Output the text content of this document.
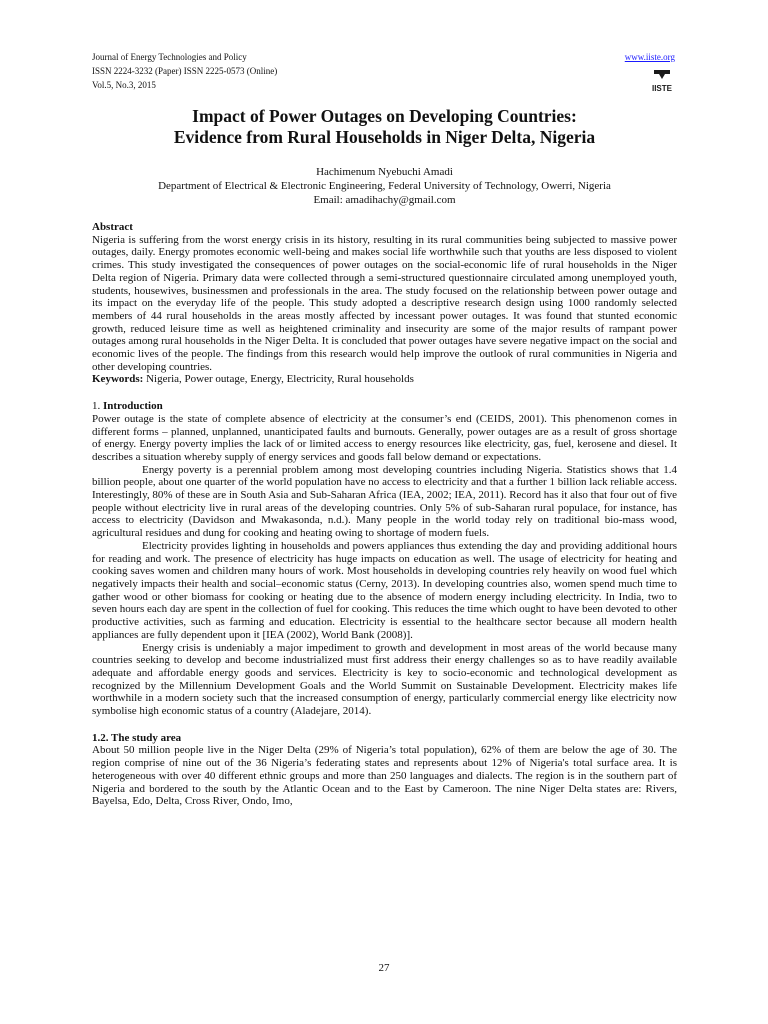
Journal of Energy Technologies and Policy
ISSN 2224-3232 (Paper) ISSN 2225-0573 (Online)
Vol.5, No.3, 2015
www.iiste.org
IISTE
Impact of Power Outages on Developing Countries:
Evidence from Rural Households in Niger Delta, Nigeria
Hachimenum Nyebuchi Amadi
Department of Electrical & Electronic Engineering, Federal University of Technology, Owerri, Nigeria
Email: amadihachy@gmail.com
Abstract

Nigeria is suffering from the worst energy crisis in its history, resulting in its rural communities being subjected to massive power outages, daily. Energy promotes economic well-being and makes social life worthwhile such that youths are less disposed to violent crimes. This study investigated the consequences of power outages on the social-economic life of rural households in the Niger Delta region of Nigeria. Primary data were collected through a semi-structured questionnaire circulated among unemployed youth, students, housewives, businessmen and professionals in the area. The study focused on the relationship between power outage and its impact on the everyday life of the people. This study adopted a descriptive research design using 1000 randomly selected members of 44 rural households in the areas mostly affected by incessant power outages. It was found that stunted economic growth, reduced leisure time as well as heightened criminality and insecurity are some of the major results of rampant power outages among rural households in the Niger Delta. It is concluded that power outages have severe negative impact on the social and economic lives of the people. The findings from this research would help improve the outlook of rural communities in Nigeria and other developing countries.

Keywords: Nigeria, Power outage, Energy, Electricity, Rural households

1. Introduction

Power outage is the state of complete absence of electricity at the consumer’s end (CEIDS, 2001). This phenomenon comes in different forms – planned, unplanned, unanticipated faults and burnouts. Generally, power outages are as a result of gross shortage of energy. Energy poverty implies the lack of or limited access to energy resources like electricity, gas, fuel, kerosene and diesel. It describes a situation whereby supply of energy services and goods fall below demand or expectations.

Energy poverty is a perennial problem among most developing countries including Nigeria. Statistics shows that 1.4 billion people, about one quarter of the world population have no access to electricity and that a further 1 billion lack reliable access. Interestingly, 80% of these are in South Asia and Sub-Saharan Africa (IEA, 2002; IEA, 2011). Record has it also that four out of five people without electricity live in rural areas of the developing countries. Only 5% of sub-Saharan rural populace, for instance, has access to electricity (Davidson and Mwakasonda, n.d.). Many people in the world today rely on traditional bio-mass wood, agricultural residues and dung for cooking and heating owing to shortage of modern fuels.

Electricity provides lighting in households and powers appliances thus extending the day and providing additional hours for reading and work. The presence of electricity has huge impacts on education as well. The usage of electricity for heating and cooking saves women and children many hours of work. Most households in developing countries rely heavily on wood fuel which negatively impacts their health and social–economic status (Cerny, 2013). In developing countries also, women spend much time to gather wood or other biomass for cooking or heating due to the absence of modern energy including electricity. In India, two to seven hours each day are spent in the collection of fuel for cooking. This reduces the time which ought to have been devoted to other productive activities, such as farming and education. Electricity is essential to the healthcare sector because all modern health appliances are fully dependent upon it [IEA (2002), World Bank (2008)].

Energy crisis is undeniably a major impediment to growth and development in most areas of the world because many countries seeking to develop and become industrialized must first address their energy challenges so as to have readily available adequate and affordable energy goods and services. Electricity is key to socio-economic and technological development as recognized by the Millennium Development Goals and the World Summit on Sustainable Development. Electricity makes life worthwhile in a modern society such that the increased consumption of energy, particularly commercial energy like electricity now symbolise high economic status of a country (Aladejare, 2014).

1.2. The study area

About 50 million people live in the Niger Delta (29% of Nigeria’s total population), 62% of them are below the age of 30. The region comprise of nine out of the 36 Nigeria’s federating states and represents about 12% of Nigeria's total surface area. It is heterogeneous with over 40 different ethnic groups and more than 250 languages and dialects. The region is in the southern part of Nigeria and bordered to the south by the Atlantic Ocean and to the East by Cameroon. The nine Niger Delta states are: Rivers, Bayelsa, Edo, Delta, Cross River, Ondo, Imo,

27
